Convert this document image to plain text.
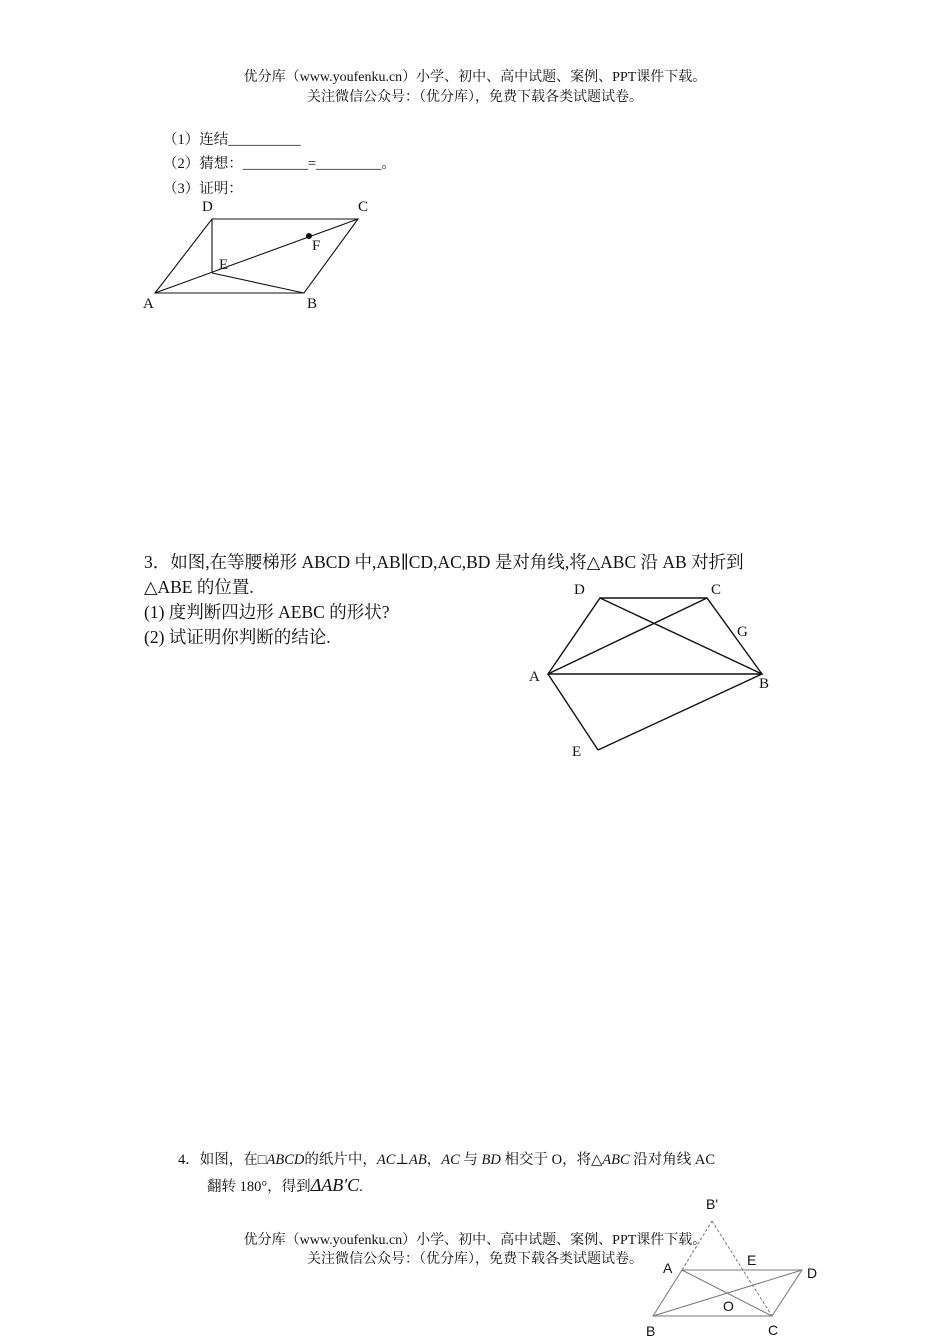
优分库（www.youfenku.cn）小学、初中、高中试题、案例、PPT课件下载。
关注微信公众号：（优分库），免费下载各类试题试卷。
（1）连结__________
（2）猜想：_________=_________。
（3）证明：
D	C
F
E
A	B
3．如图,在等腰梯形 ABCD 中,AB∥CD,AC,BD 是对角线,将△ABC 沿 AB 对折到
△ABE 的位置.
(1) 度判断四边形 AEBC 的形状?
(2) 试证明你判断的结论.
D	C
G
A	B
E
4．如图，在□ABCD的纸片中，AC⊥AB，AC 与 BD 相交于 O，将△ABC 沿对角线 AC
翻转 180°，得到ΔAB'C.
B'
A	E
D
O
B	C
优分库（www.youfenku.cn）小学、初中、高中试题、案例、PPT课件下载。
关注微信公众号：（优分库），免费下载各类试题试卷。
